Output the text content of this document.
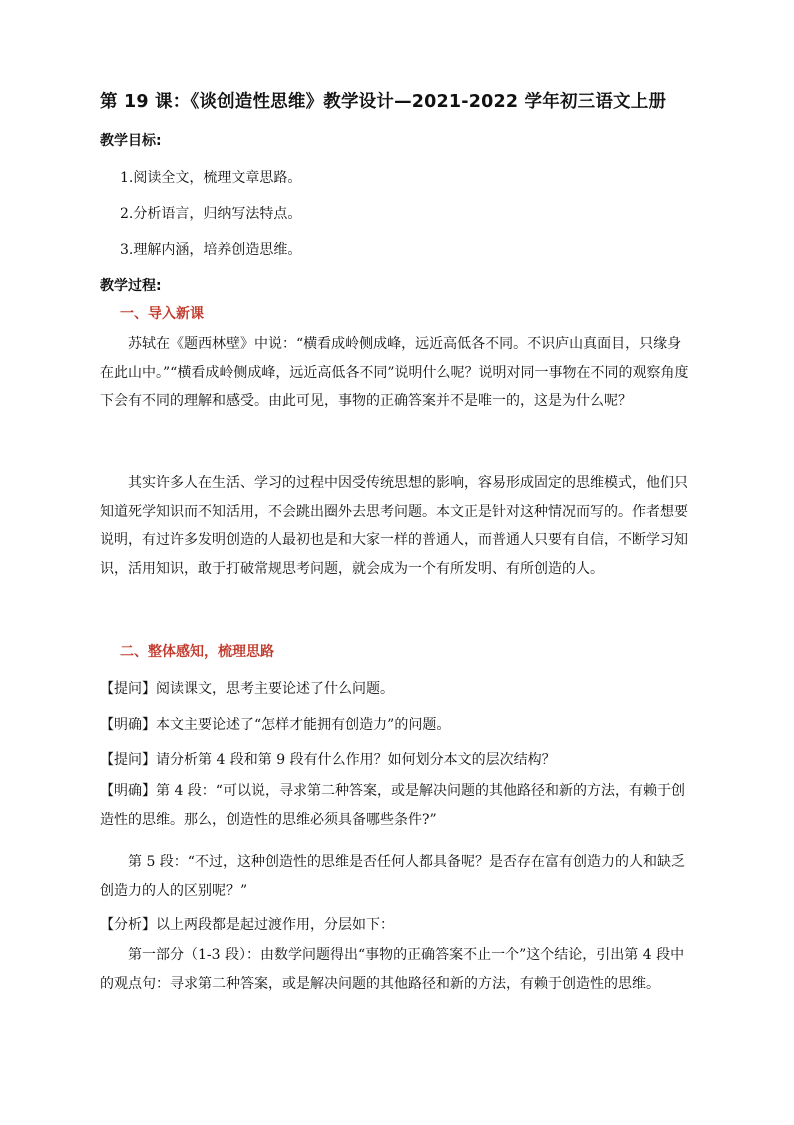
第 19 课：《谈创造性思维》教学设计—2021-2022 学年初三语文上册
教学目标:
1.阅读全文，梳理文章思路。
2.分析语言，归纳写法特点。
3.理解内涵，培养创造思维。
教学过程:
一、导入新课
苏轼在《题西林壁》中说：“横看成岭侧成峰，远近高低各不同。不识庐山真面目，只缘身在此山中。”“横看成岭侧成峰，远近高低各不同”说明什么呢？说明对同一事物在不同的观察角度下会有不同的理解和感受。由此可见，事物的正确答案并不是唯一的，这是为什么呢？
其实许多人在生活、学习的过程中因受传统思想的影响，容易形成固定的思维模式，他们只知道死学知识而不知活用，不会跳出圈外去思考问题。本文正是针对这种情况而写的。作者想要说明，有过许多发明创造的人最初也是和大家一样的普通人，而普通人只要有自信，不断学习知识，活用知识，敢于打破常规思考问题，就会成为一个有所发明、有所创造的人。
二、整体感知，梳理思路
【提问】阅读课文，思考主要论述了什么问题。
【明确】本文主要论述了“怎样才能拥有创造力”的问题。
【提问】请分析第 4 段和第 9 段有什么作用？如何划分本文的层次结构？
【明确】第 4 段：“可以说，寻求第二种答案，或是解决问题的其他路径和新的方法，有赖于创造性的思维。那么，创造性的思维必须具备哪些条件?”
第 5 段：“不过，这种创造性的思维是否任何人都具备呢？是否存在富有创造力的人和缺乏创造力的人的区别呢？”
【分析】以上两段都是起过渡作用，分层如下：
第一部分（1-3 段）：由数学问题得出“事物的正确答案不止一个”这个结论，引出第 4 段中的观点句：寻求第二种答案，或是解决问题的其他路径和新的方法，有赖于创造性的思维。
